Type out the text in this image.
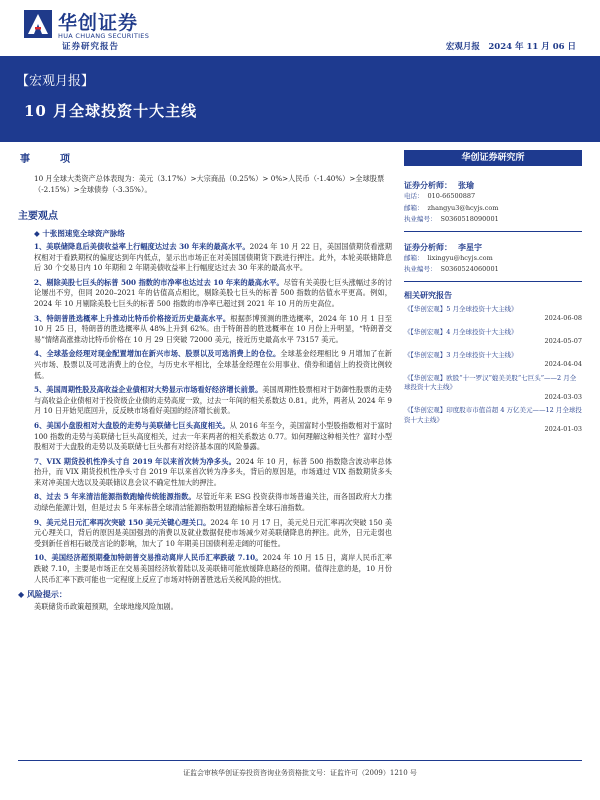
华创证券
HUA CHUANG SECURITIES
证券研究报告	宏观月报　2024 年 11 月 06 日
【宏观月报】
10 月全球投资十大主线
事　项
10 月全球大类资产总体表现为：美元（3.17%）>大宗商品（0.25%）> 0%>人民币（-1.40%）>全球股票（-2.15%）>全球债券（-3.35%）。
主要观点
◆ 十张图速览全球资产脉络
1、美联储降息后美债收益率上行幅度达过去 30 年来的最高水平。2024 年 10 月 22 日，美国国债期货看涨期权相对于看跌期权的偏度达到年内低点，显示出市场正在对美国国债期货下跌进行押注。此外，本轮美联储降息后 30 个交易日内 10 年期和 2 年期美债收益率上行幅度达过去 30 年来的最高水平。
2、剔除美股七巨头的标普 500 指数的市净率也达过去 10 年来的最高水平。尽管有关美股七巨头涨幅过多的讨论屡出不穷，但同 2020–2021 年的估值高点相比，剔除美股七巨头的标普 500 指数的估值水平更高。例如，2024 年 10 月剔除美股七巨头的标普 500 指数的市净率已超过到 2021 年 10 月的历史高位。
3、特朗普胜选概率上升推动比特币价格接近历史最高水平。根据彭博预测的胜选概率，2024 年 10 月 1 日至 10 月 25 日，特朗普的胜选概率从 48%上升到 62%。由于特朗普的胜选概率在 10 月份上升明显，“特朗普交易”情绪高涨推动比特币价格在 10 月 29 日突破 72000 美元，接近历史最高水平 73157 美元。
4、全球基金经理对现金配置增加在新兴市场、股票以及可选消费上的仓位。全球基金经理相比 9 月增加了在新兴市场、股票以及可选消费上的仓位，与历史水平相比，全球基金经理在公用事业、债券和通信上的投资比例较低。
5、美国周期性股及高收益企业债相对大势显示市场看好经济增长前景。美国周期性股票相对于防御性股票的走势与高收益企业债相对于投资级企业债的走势高度一致，过去一年间的相关系数达 0.81。此外，两者从 2024 年 9 月 10 日开始见底回升，反反映市场看好美国的经济增长前景。
6、美国小盘股相对大盘股的走势与美联储七巨头高度相关。从 2016 年至今，美国富时小型股指数相对于富时 100 指数的走势与美联储七巨头高度相关，过去一年来两者的相关系数达 0.77。如何理解这种相关性？富时小型股相对于大盘股的走势以及美联储七巨头都有对经济基本面的风险暴露。
7、VIX 期货投机性净头寸自 2019 年以来首次转为净多头。2024 年 10 月，标普 500 指数隐含波动率总体抬升，而 VIX 期货投机性净头寸自 2019 年以来首次转为净多头，背后的原因是，市场通过 VIX 指数期货多头来对冲美国大选以及美联储议息会议不确定性加大的押注。
8、过去 5 年来清洁能源指数跑输传统能源指数。尽管近年来 ESG 投资获得市场普遍关注，而各国政府大力推动绿色能源计划，但是过去 5 年来标普全球清洁能源指数明显跑输标普全球石油指数。
9、美元兑日元汇率再次突破 150 美元关键心理关口。2024 年 10 月 17 日，美元兑日元汇率再次突破 150 美元心理关口，背后的原因是美国强劲的消费以及就业数据促使市场减少对美联储降息的押注。此外，日元走弱也受到新任首相石破茂言论的影响，加大了 10 年期美日国债利差走阔的可能性。
10、美国经济超预期叠加特朗普交易推动离岸人民币汇率跌破 7.10。2024 年 10 月 15 日，离岸人民币汇率跌破 7.10，主要是市场正在交易美国经济软着陆以及美联储可能放缓降息路径的预期。值得注意的是，10 月份人民币汇率下跌可能也一定程度上反应了市场对特朗普胜选后关税风险的担忧。
◆ 风险提示：
美联储货币政策超预期，全球地缘风险加剧。
华创证券研究所
证券分析师： 张瑜
电话： 010-66500887
邮箱： zhangyu3@hcyjs.com
执业编号： S0360518090001
证券分析师： 李星宇
邮箱： lixingyu@hcyjs.com
执业编号： S0360524060001
相关研究报告
《【华创宏观】5 月全球投资十大主线》
2024-06-08
《【华创宏观】4 月全球投资十大主线》
2024-05-07
《【华创宏观】3 月全球投资十大主线》
2024-04-04
《【华创宏观】欧股“十一罗汉”媲美美股“七巨头”——2 月全球投资十大主线》
2024-03-03
《【华创宏观】印度股市市值首超 4 万亿美元——12 月全球投资十大主线》
2024-01-03
证监会审核华创证券投资咨询业务资格批文号：证监许可（2009）1210 号
